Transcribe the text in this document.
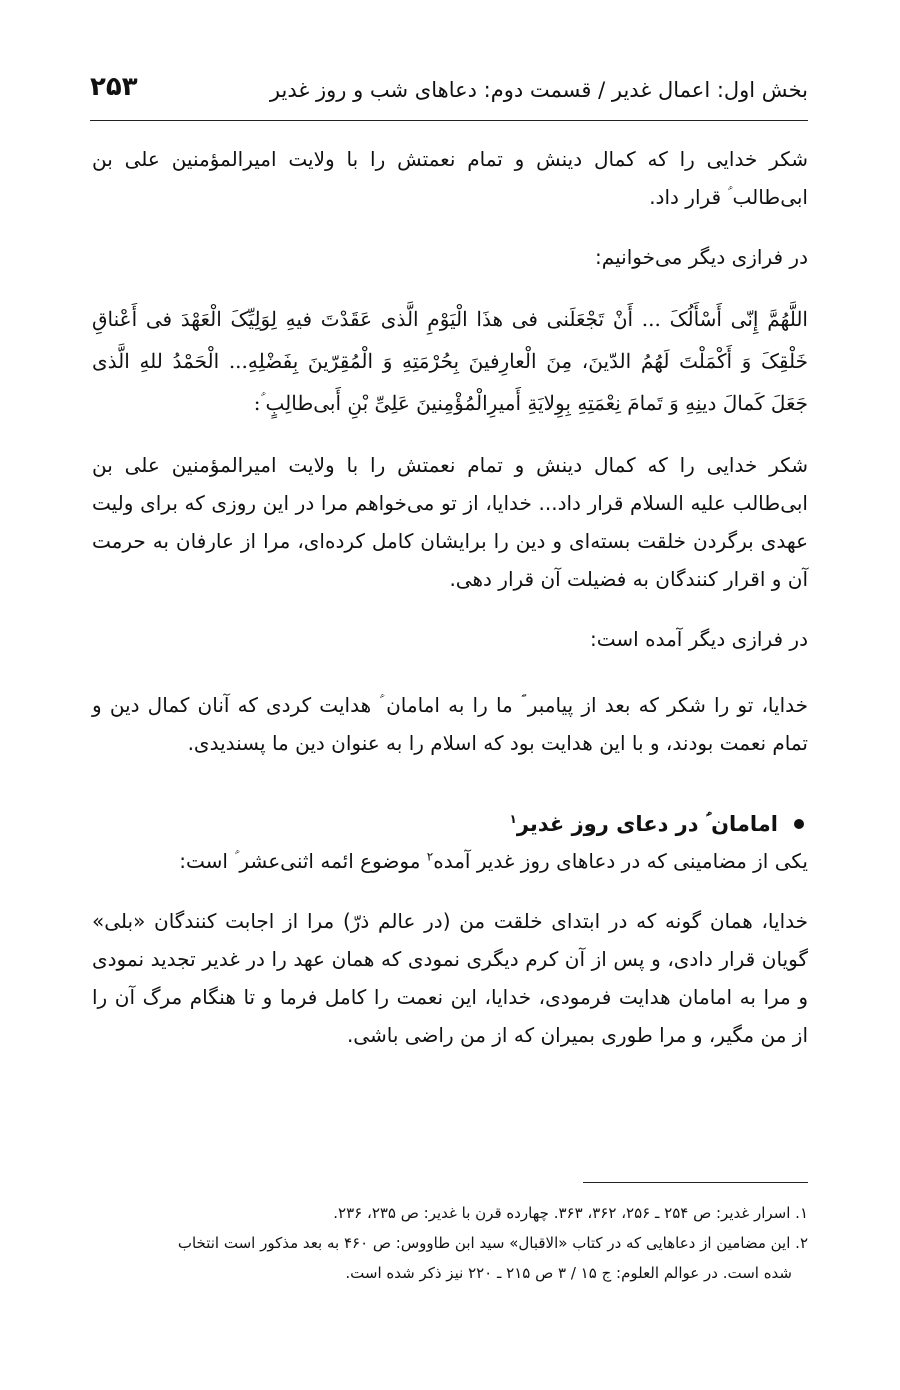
بخش اول: اعمال غدیر / قسمت دوم: دعاهای شب و روز غدیر
۲۵۳

شکر خدایی را که کمال دینش و تمام نعمتش را با ولایت امیرالمؤمنین علی بن ابی‌طالب ؑ قرار داد.

در فرازی دیگر می‌خوانیم:

اللَّهُمَّ إِنّی أَسْأَلُکَ ... أَنْ تَجْعَلَنی فی هذَا الْیَوْمِ الَّذی عَقَدْتَ فیهِ لِوَلِیِّکَ الْعَهْدَ فی أَعْناقِ خَلْقِکَ وَ أَکْمَلْتَ لَهُمُ الدّینَ، مِنَ الْعارِفینَ بِحُرْمَتِهِ وَ الْمُقِرّینَ بِفَضْلِهِ... الْحَمْدُ للهِ الَّذی جَعَلَ کَمالَ دینِهِ وَ تَمامَ نِعْمَتِهِ بِوِلایَةِ أَمیرِالْمُؤْمِنینَ عَلِیِّ بْنِ أَبی‌طالِبٍ ؑ:

شکر خدایی را که کمال دینش و تمام نعمتش را با ولایت امیرالمؤمنین علی بن ابی‌طالب علیه السلام قرار داد... خدایا، از تو می‌خواهم مرا در این روزی که برای ولیت عهدی برگردن خلقت بسته‌ای و دین را برایشان کامل کرده‌ای، مرا از عارفان به حرمت آن و اقرار کنندگان به فضیلت آن قرار دهی.

در فرازی دیگر آمده است:

خدایا، تو را شکر که بعد از پیامبر ؐ ما را به امامان ؑ هدایت کردی که آنان کمال دین و تمام نعمت بودند، و با این هدایت بود که اسلام را به عنوان دین ما پسندیدی.

امامان ؑ در دعای روز غدیر$^۱$

یکی از مضامینی که در دعاهای روز غدیر آمده$^۲$ موضوع ائمه اثنی‌عشر ؑ است:

خدایا، همان گونه که در ابتدای خلقت من (در عالم ذرّ) مرا از اجابت کنندگان «بلی» گویان قرار دادی، و پس از آن کرم دیگری نمودی که همان عهد را در غدیر تجدید نمودی و مرا به امامان هدایت فرمودی، خدایا، این نعمت را کامل فرما و تا هنگام مرگ آن را از من مگیر، و مرا طوری بمیران که از من راضی باشی.

۱. اسرار غدیر: ص ۲۵۴ ـ ۲۵۶، ۳۶۲، ۳۶۳. چهارده قرن با غدیر: ص ۲۳۵، ۲۳۶.

۲. این مضامین از دعاهایی که در کتاب «الاقبال» سید ابن طاووس: ص ۴۶۰ به بعد مذکور است انتخاب
شده است. در عوالم العلوم: ج ۱۵ / ۳ ص ۲۱۵ ـ ۲۲۰ نیز ذکر شده است.
